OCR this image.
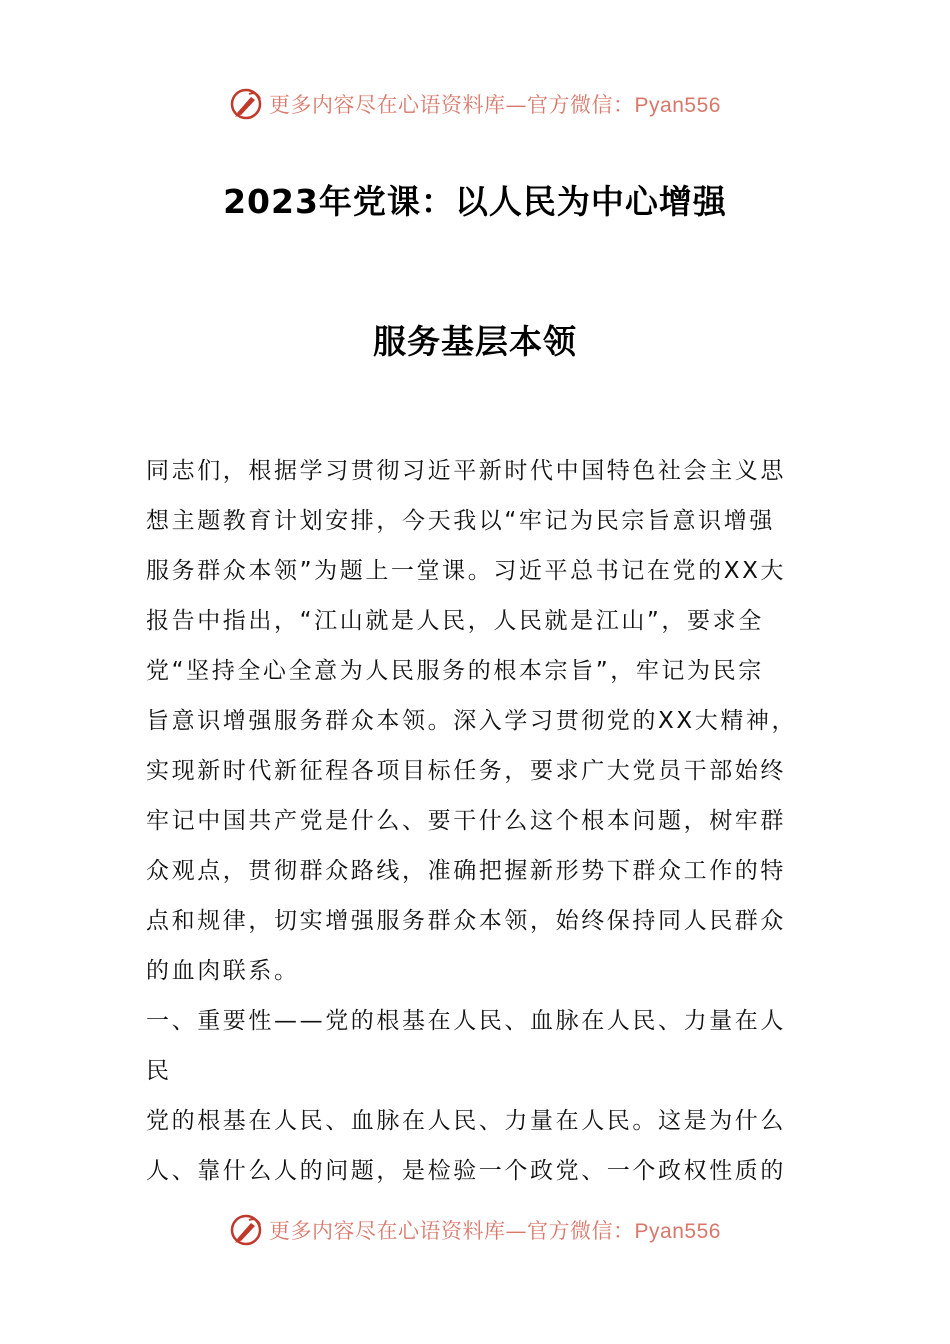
更多内容尽在心语资料库—官方微信：Pyan556
2023年党课：以人民为中心增强
服务基层本领
同志们，根据学习贯彻习近平新时代中国特色社会主义思
想主题教育计划安排，今天我以“牢记为民宗旨意识增强
服务群众本领”为题上一堂课。习近平总书记在党的XX大
报告中指出，“江山就是人民，人民就是江山”，要求全
党“坚持全心全意为人民服务的根本宗旨”，牢记为民宗
旨意识增强服务群众本领。深入学习贯彻党的XX大精神，
实现新时代新征程各项目标任务，要求广大党员干部始终
牢记中国共产党是什么、要干什么这个根本问题，树牢群
众观点，贯彻群众路线，准确把握新形势下群众工作的特
点和规律，切实增强服务群众本领，始终保持同人民群众
的血肉联系。
一、重要性——党的根基在人民、血脉在人民、力量在人
民
党的根基在人民、血脉在人民、力量在人民。这是为什么
人、靠什么人的问题，是检验一个政党、一个政权性质的
更多内容尽在心语资料库—官方微信：Pyan556
